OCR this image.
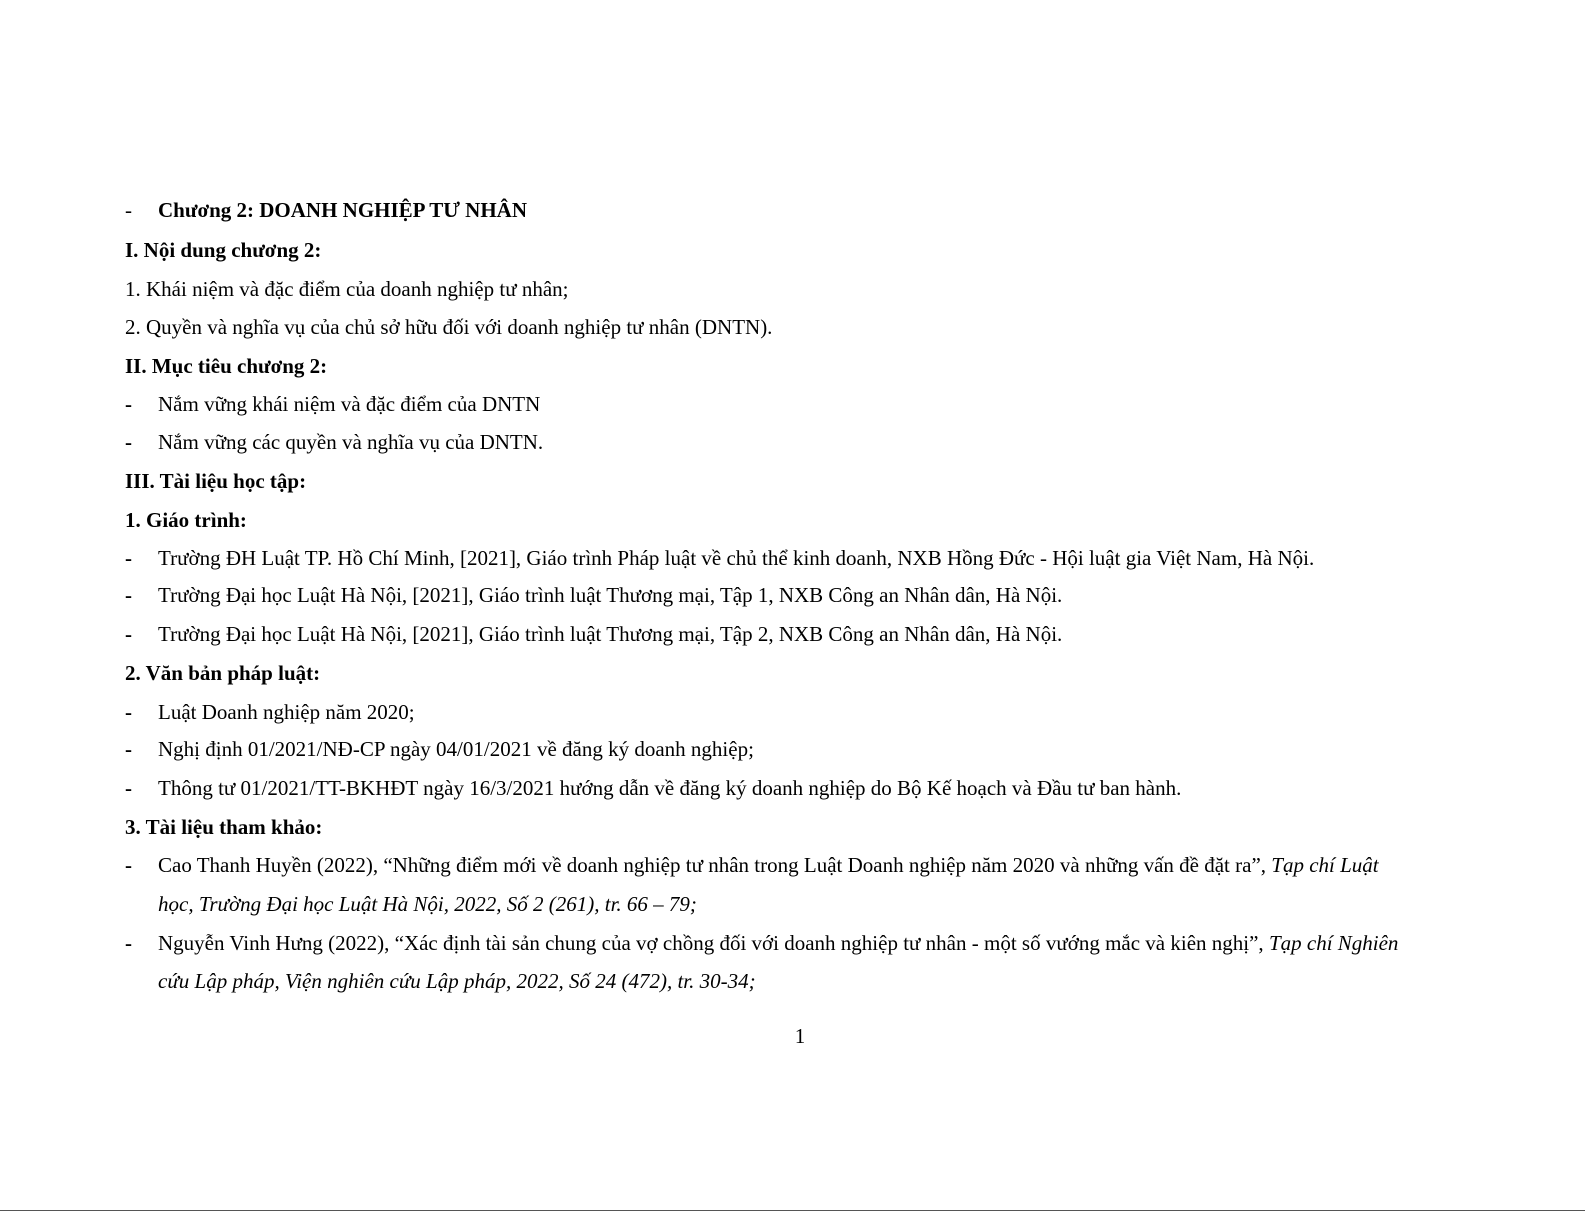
- Chương 2: DOANH NGHIỆP TƯ NHÂN
I. Nội dung chương 2:
1. Khái niệm và đặc điểm của doanh nghiệp tư nhân;
2. Quyền và nghĩa vụ của chủ sở hữu đối với doanh nghiệp tư nhân (DNTN).
II. Mục tiêu chương 2:
- Nắm vững khái niệm và đặc điểm của DNTN
- Nắm vững các quyền và nghĩa vụ của DNTN.
III. Tài liệu học tập:
1. Giáo trình:
- Trường ĐH Luật TP. Hồ Chí Minh, [2021], Giáo trình Pháp luật về chủ thể kinh doanh, NXB Hồng Đức - Hội luật gia Việt Nam, Hà Nội.
- Trường Đại học Luật Hà Nội, [2021], Giáo trình luật Thương mại, Tập 1, NXB Công an Nhân dân, Hà Nội.
- Trường Đại học Luật Hà Nội, [2021], Giáo trình luật Thương mại, Tập 2, NXB Công an Nhân dân, Hà Nội.
2. Văn bản pháp luật:
- Luật Doanh nghiệp năm 2020;
- Nghị định 01/2021/NĐ-CP ngày 04/01/2021 về đăng ký doanh nghiệp;
- Thông tư 01/2021/TT-BKHĐT ngày 16/3/2021 hướng dẫn về đăng ký doanh nghiệp do Bộ Kế hoạch và Đầu tư ban hành.
3. Tài liệu tham khảo:
- Cao Thanh Huyền (2022), “Những điểm mới về doanh nghiệp tư nhân trong Luật Doanh nghiệp năm 2020 và những vấn đề đặt ra”, Tạp chí Luật
học, Trường Đại học Luật Hà Nội, 2022, Số 2 (261), tr. 66 – 79;
- Nguyễn Vinh Hưng (2022), “Xác định tài sản chung của vợ chồng đối với doanh nghiệp tư nhân - một số vướng mắc và kiên nghị”, Tạp chí Nghiên
cứu Lập pháp, Viện nghiên cứu Lập pháp, 2022, Số 24 (472), tr. 30-34;
1
